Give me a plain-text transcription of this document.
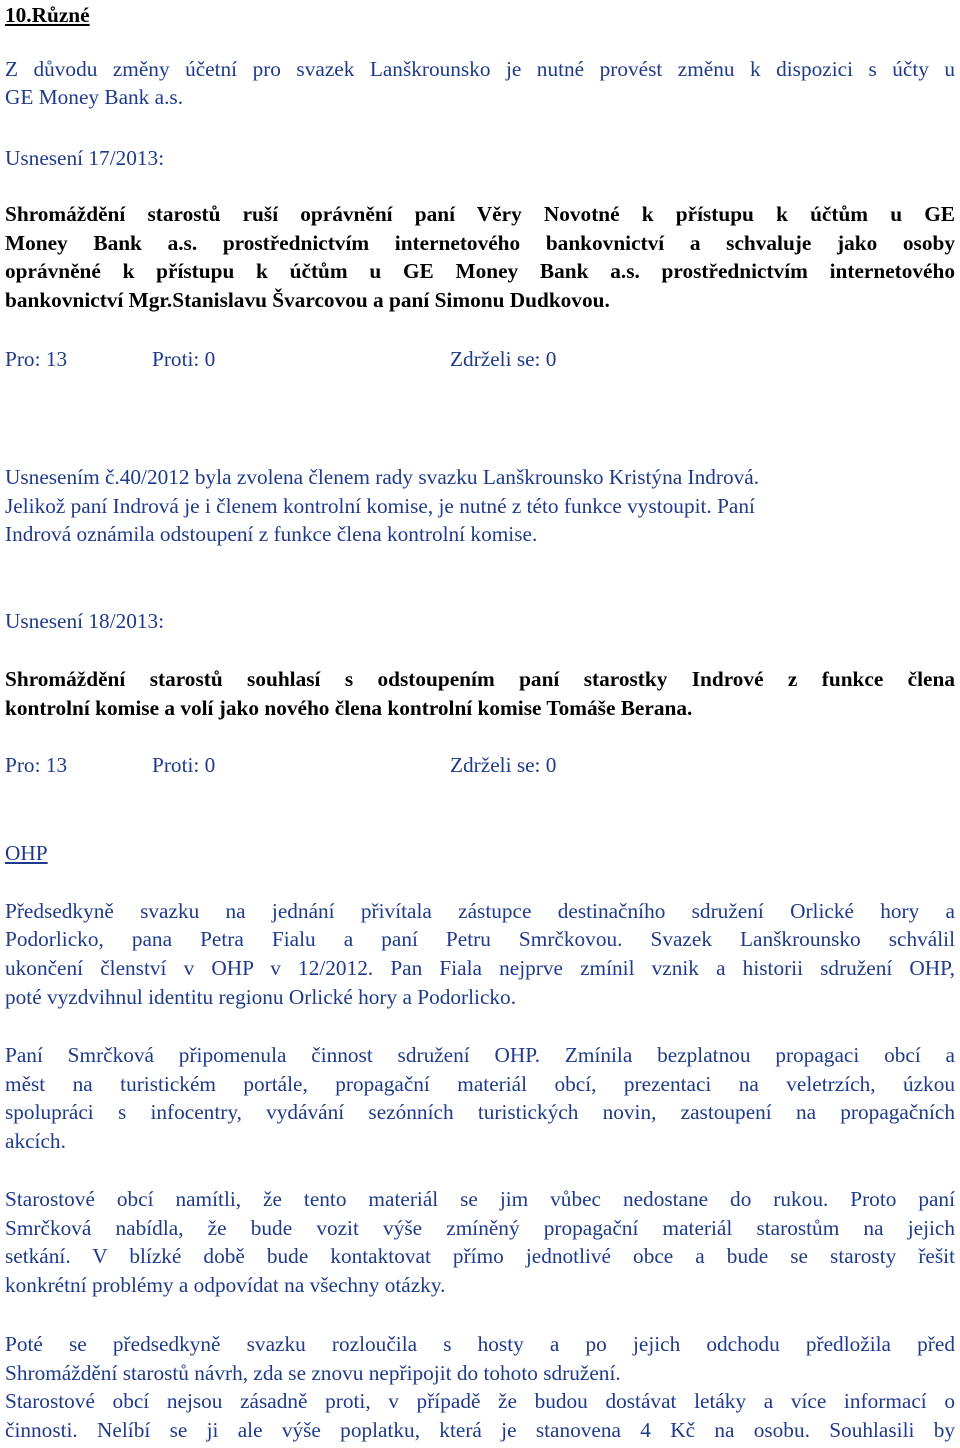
10.Různé
Z důvodu změny účetní pro svazek Lanškrounsko je nutné provést změnu k dispozici s účty u
GE Money Bank a.s.
Usnesení 17/2013:
Shromáždění starostů ruší oprávnění paní Věry Novotné k přístupu k účtům u GE
Money Bank a.s. prostřednictvím internetového bankovnictví a schvaluje jako osoby
oprávněné k přístupu k účtům u GE Money Bank a.s. prostřednictvím internetového
bankovnictví Mgr.Stanislavu Švarcovou a paní Simonu Dudkovou.
Pro: 13	Proti: 0	Zdrželi se: 0
Usnesením č.40/2012 byla zvolena členem rady svazku Lanškrounsko Kristýna Indrová.
Jelikož paní Indrová je i členem kontrolní komise, je nutné z této funkce vystoupit. Paní
Indrová oznámila odstoupení z funkce člena kontrolní komise.
Usnesení 18/2013:
Shromáždění starostů souhlasí s odstoupením paní starostky Indrové z funkce člena
kontrolní komise a volí jako nového člena kontrolní komise Tomáše Berana.
Pro: 13	Proti: 0	Zdrželi se: 0
OHP
Předsedkyně svazku na jednání přivítala zástupce destinačního sdružení Orlické hory a
Podorlicko, pana Petra Fialu a paní Petru Smrčkovou. Svazek Lanškrounsko schválil
ukončení členství v OHP v 12/2012. Pan Fiala nejprve zmínil vznik a historii sdružení OHP,
poté vyzdvihnul identitu regionu Orlické hory a Podorlicko.
Paní Smrčková připomenula činnost sdružení OHP. Zmínila bezplatnou propagaci obcí a
měst na turistickém portále, propagační materiál obcí, prezentaci na veletrzích, úzkou
spolupráci s infocentry, vydávání sezónních turistických novin, zastoupení na propagačních
akcích.
Starostové obcí namítli, že tento materiál se jim vůbec nedostane do rukou. Proto paní
Smrčková nabídla, že bude vozit výše zmíněný propagační materiál starostům na jejich
setkání. V blízké době bude kontaktovat přímo jednotlivé obce a bude se starosty řešit
konkrétní problémy a odpovídat na všechny otázky.
Poté se předsedkyně svazku rozloučila s hosty a po jejich odchodu předložila před
Shromáždění starostů návrh, zda se znovu nepřipojit do tohoto sdružení.
Starostové obcí nejsou zásadně proti, v případě že budou dostávat letáky a více informací o
činnosti. Nelíbí se ji ale výše poplatku, která je stanovena 4 Kč na osobu. Souhlasili by
